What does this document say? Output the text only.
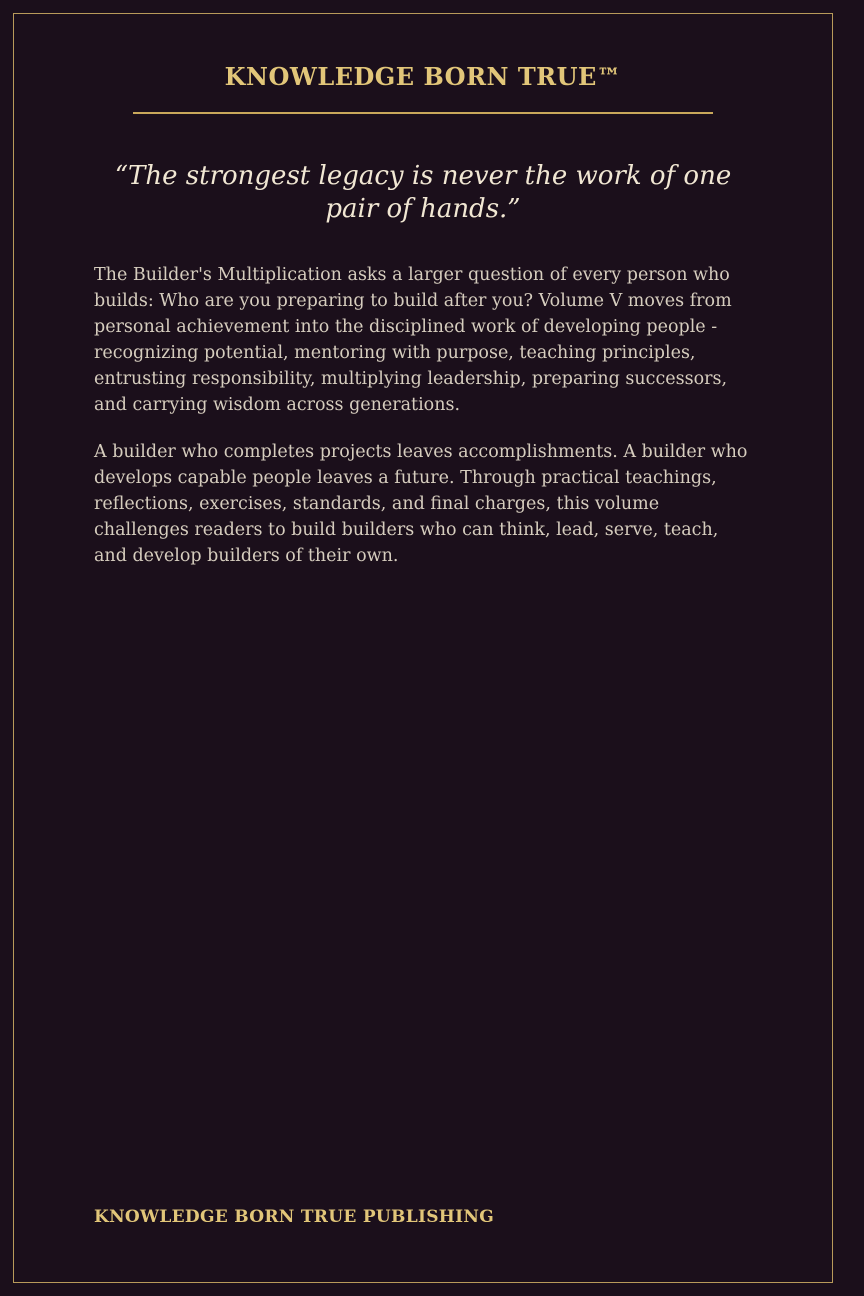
KNOWLEDGE BORN TRUE™
“The strongest legacy is never the work of one pair of hands.”

The Builder's Multiplication asks a larger question of every person who builds: Who are you preparing to build after you? Volume V moves from personal achievement into the disciplined work of developing people - recognizing potential, mentoring with purpose, teaching principles, entrusting responsibility, multiplying leadership, preparing successors, and carrying wisdom across generations.

A builder who completes projects leaves accomplishments. A builder who develops capable people leaves a future. Through practical teachings, reflections, exercises, standards, and final charges, this volume challenges readers to build builders who can think, lead, serve, teach, and develop builders of their own.

KNOWLEDGE BORN TRUE PUBLISHING
